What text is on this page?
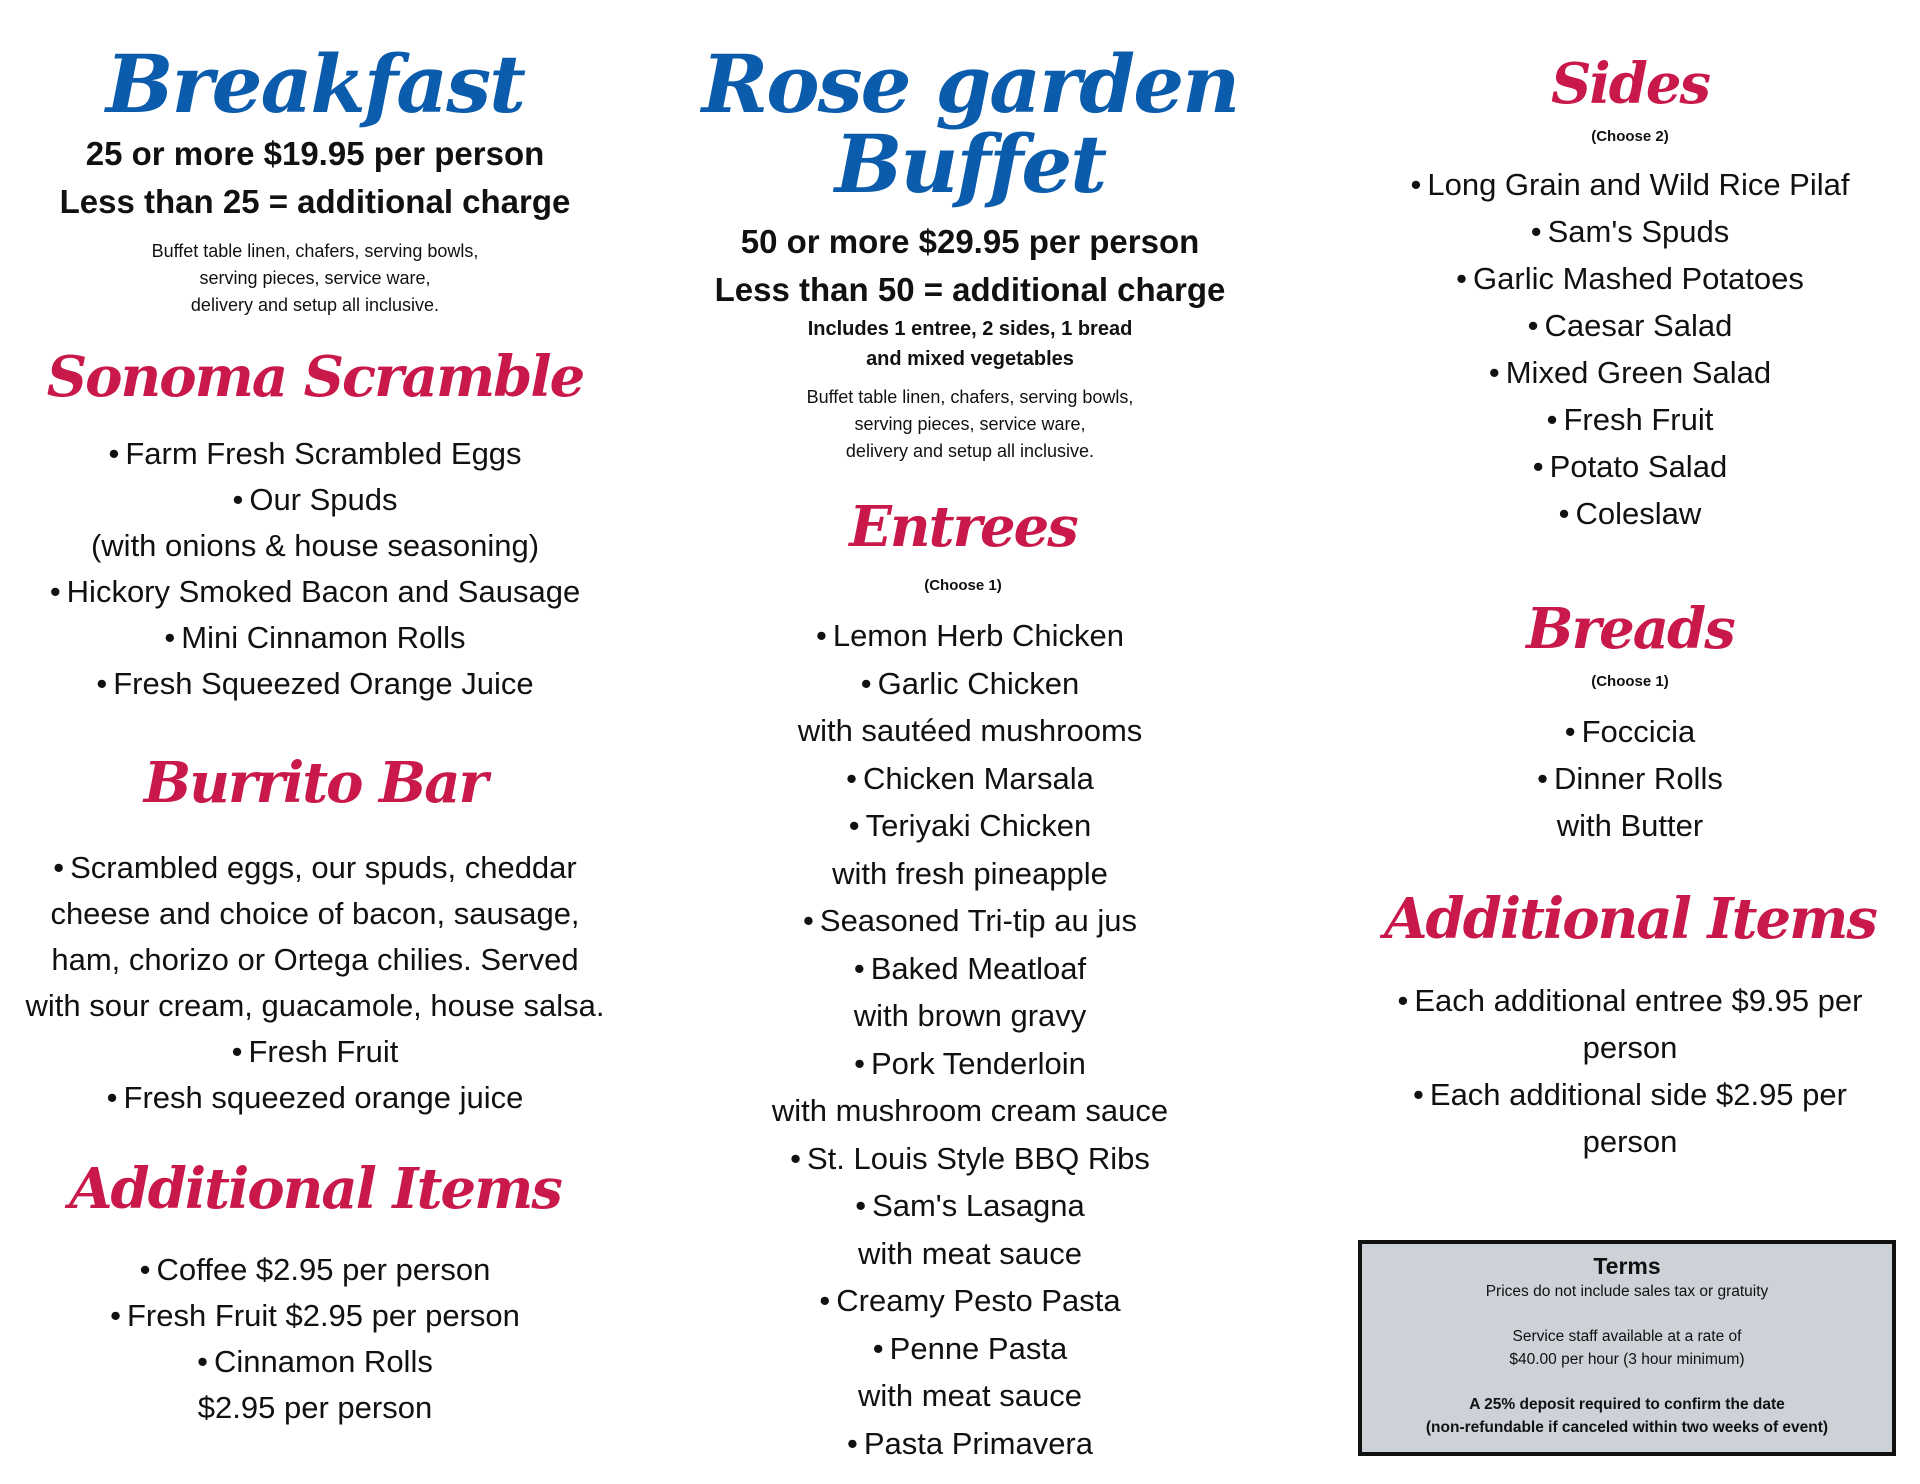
Breakfast

25 or more $19.95 per person

Less than 25 = additional charge

Buffet table linen, chafers, serving bowls,

serving pieces, service ware,

delivery and setup all inclusive.

Sonoma Scramble
• Farm Fresh Scrambled Eggs
• Our Spuds
(with onions & house seasoning)
• Hickory Smoked Bacon and Sausage
• Mini Cinnamon Rolls
• Fresh Squeezed Orange Juice
Burrito Bar
• Scrambled eggs, our spuds, cheddar
cheese and choice of bacon, sausage,
ham, chorizo or Ortega chilies. Served
with sour cream, guacamole, house salsa.
• Fresh Fruit
• Fresh squeezed orange juice
Additional Items
• Coffee $2.95 per person
• Fresh Fruit $2.95 per person
• Cinnamon Rolls
$2.95 per person
Rose garden Buffet

50 or more $29.95 per person

Less than 50 = additional charge

Includes 1 entree, 2 sides, 1 bread

and mixed vegetables

Buffet table linen, chafers, serving bowls,

serving pieces, service ware,

delivery and setup all inclusive.

Entrees

(Choose 1)

• Lemon Herb Chicken
• Garlic Chicken
with sautéed mushrooms
• Chicken Marsala
• Teriyaki Chicken
with fresh pineapple
• Seasoned Tri-tip au jus
• Baked Meatloaf
with brown gravy
• Pork Tenderloin
with mushroom cream sauce
• St. Louis Style BBQ Ribs
• Sam's Lasagna
with meat sauce
• Creamy Pesto Pasta
• Penne Pasta
with meat sauce
• Pasta Primavera
Sides

(Choose 2)

• Long Grain and Wild Rice Pilaf
• Sam's Spuds
• Garlic Mashed Potatoes
• Caesar Salad
• Mixed Green Salad
• Fresh Fruit
• Potato Salad
• Coleslaw
Breads

(Choose 1)

• Foccicia
• Dinner Rolls
with Butter
Additional Items
• Each additional entree $9.95 per
person
• Each additional side $2.95 per
person
Terms

Prices do not include sales tax or gratuity

Service staff available at a rate of

$40.00 per hour (3 hour minimum)

A 25% deposit required to confirm the date

(non-refundable if canceled within two weeks of event)
